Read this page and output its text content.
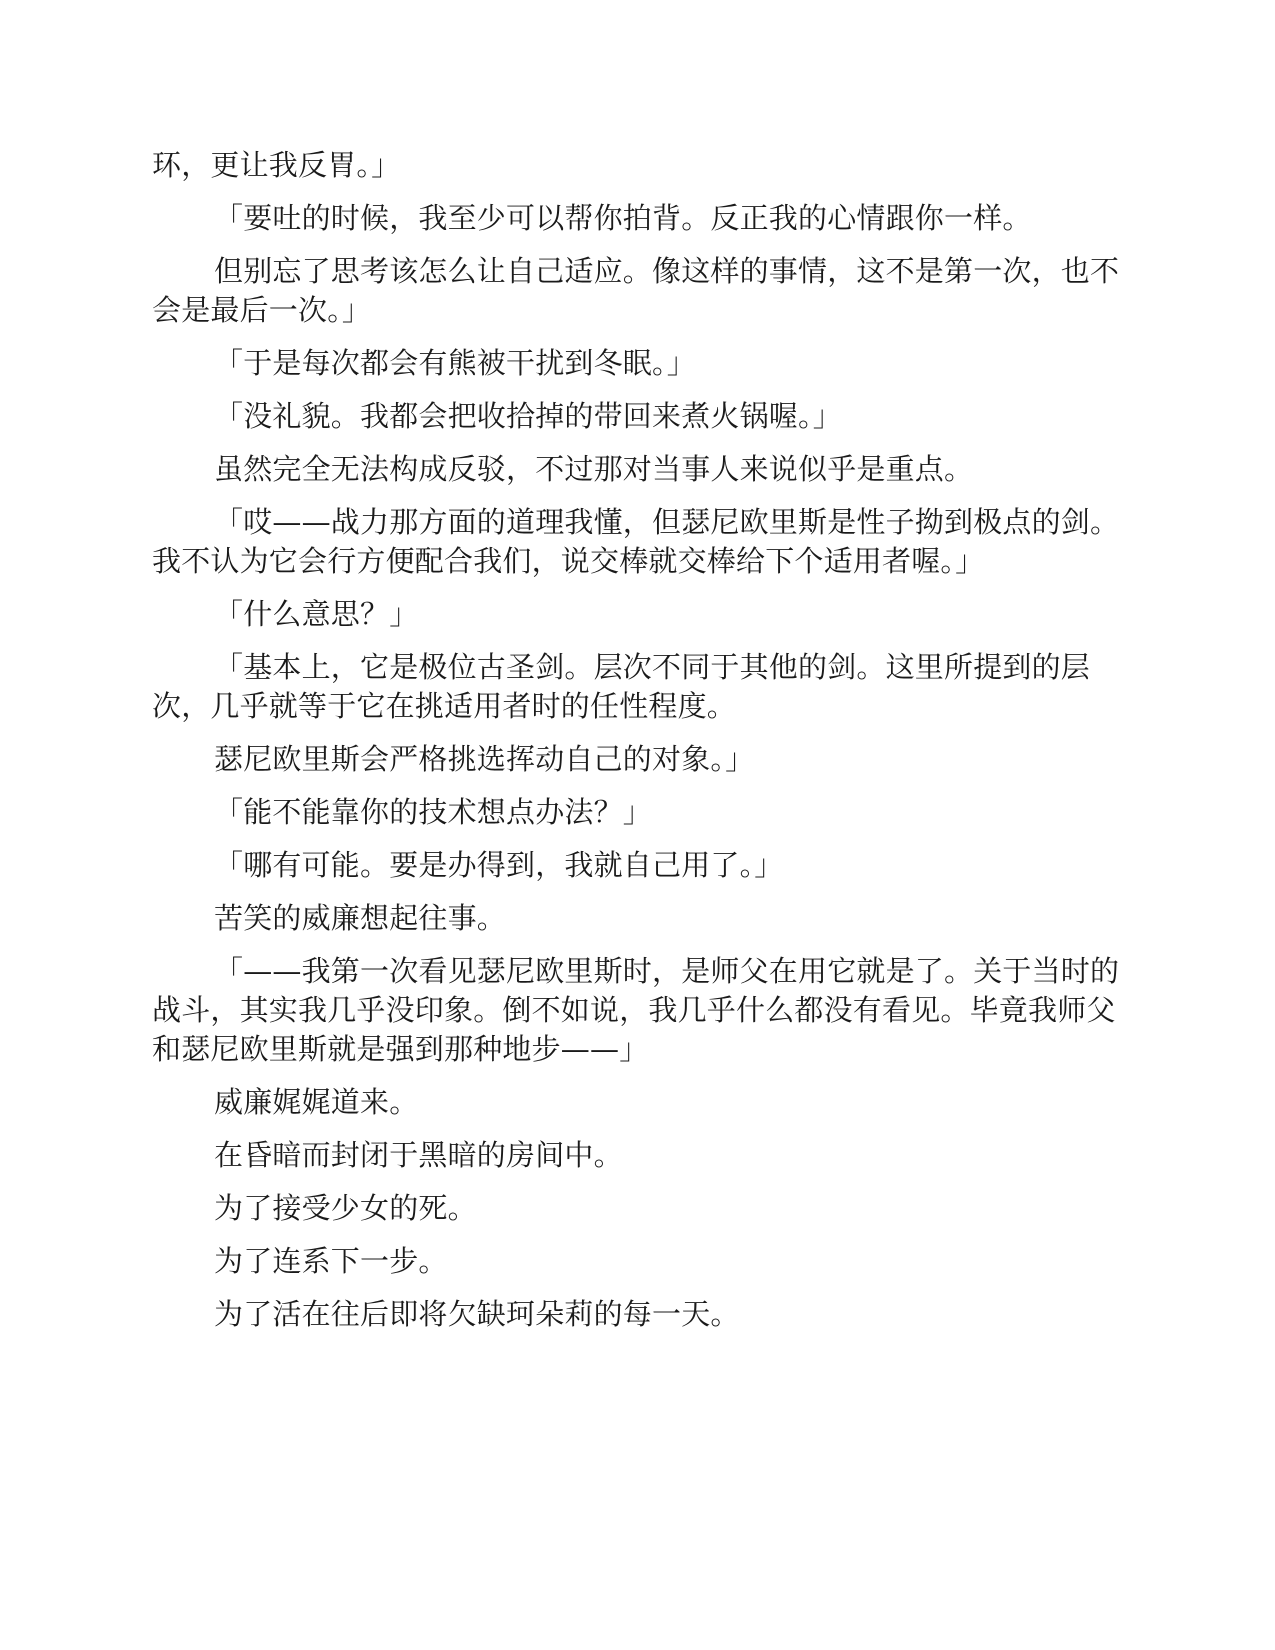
环，更让我反胃。」

「要吐的时候，我至少可以帮你拍背。反正我的心情跟你一样。

但别忘了思考该怎么让自己适应。像这样的事情，这不是第一次，也不会是最后一次。」

「于是每次都会有熊被干扰到冬眠。」

「没礼貌。我都会把收拾掉的带回来煮火锅喔。」

虽然完全无法构成反驳，不过那对当事人来说似乎是重点。

「哎——战力那方面的道理我懂，但瑟尼欧里斯是性子拗到极点的剑。我不认为它会行方便配合我们，说交棒就交棒给下个适用者喔。」

「什么意思？」

「基本上，它是极位古圣剑。层次不同于其他的剑。这里所提到的层次，几乎就等于它在挑适用者时的任性程度。

瑟尼欧里斯会严格挑选挥动自己的对象。」

「能不能靠你的技术想点办法？」

「哪有可能。要是办得到，我就自己用了。」

苦笑的威廉想起往事。

「——我第一次看见瑟尼欧里斯时，是师父在用它就是了。关于当时的战斗，其实我几乎没印象。倒不如说，我几乎什么都没有看见。毕竟我师父和瑟尼欧里斯就是强到那种地步——」

威廉娓娓道来。

在昏暗而封闭于黑暗的房间中。

为了接受少女的死。

为了连系下一步。

为了活在往后即将欠缺珂朵莉的每一天。
